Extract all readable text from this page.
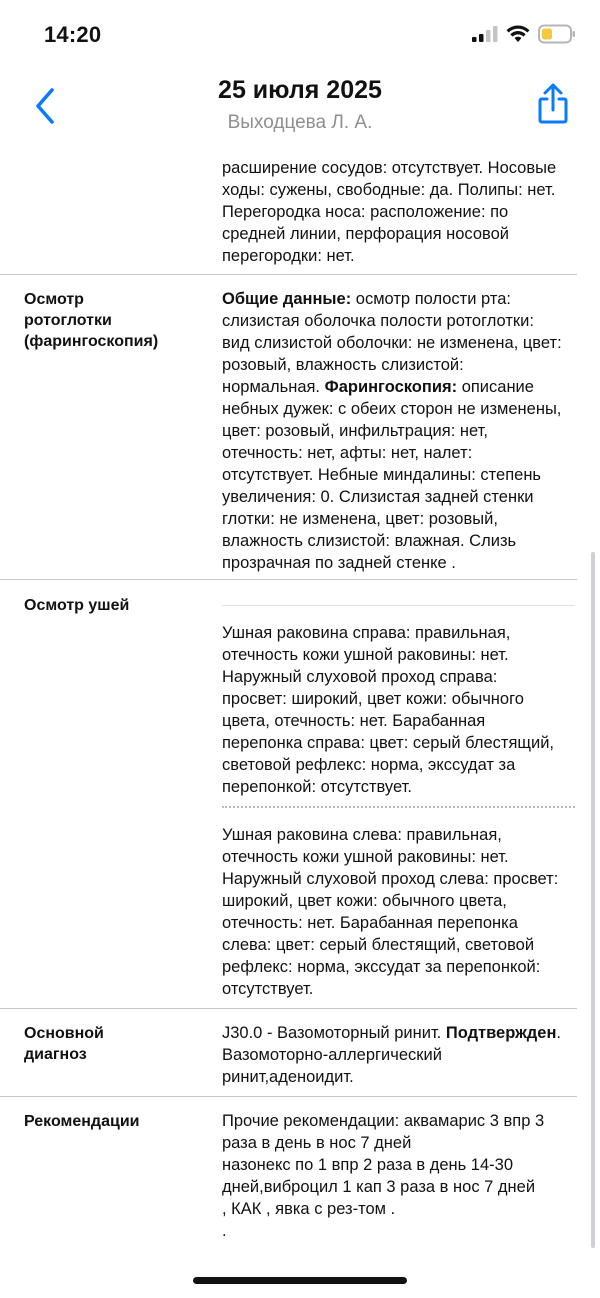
14:20
25 июля 2025
Выходцева Л. А.
расширение сосудов: отсутствует. Носовые
ходы: сужены, свободные: да. Полипы: нет.
Перегородка носа: расположение: по
средней линии, перфорация носовой
перегородки: нет.
Осмотр
ротоглотки
(фарингоскопия)
Общие данные: осмотр полости рта:
слизистая оболочка полости ротоглотки:
вид слизистой оболочки: не изменена, цвет:
розовый, влажность слизистой:
нормальная. Фарингоскопия: описание
небных дужек: с обеих сторон не изменены,
цвет: розовый, инфильтрация: нет,
отечность: нет, афты: нет, налет:
отсутствует. Небные миндалины: степень
увеличения: 0. Слизистая задней стенки
глотки: не изменена, цвет: розовый,
влажность слизистой: влажная. Слизь
прозрачная по задней стенке .
Осмотр ушей
Ушная раковина справа: правильная,
отечность кожи ушной раковины: нет.
Наружный слуховой проход справа:
просвет: широкий, цвет кожи: обычного
цвета, отечность: нет. Барабанная
перепонка справа: цвет: серый блестящий,
световой рефлекс: норма, экссудат за
перепонкой: отсутствует.
Ушная раковина слева: правильная,
отечность кожи ушной раковины: нет.
Наружный слуховой проход слева: просвет:
широкий, цвет кожи: обычного цвета,
отечность: нет. Барабанная перепонка
слева: цвет: серый блестящий, световой
рефлекс: норма, экссудат за перепонкой:
отсутствует.
Основной
диагноз
J30.0 - Вазомоторный ринит. Подтвержден.
Вазомоторно-аллергический
ринит,аденоидит.
Рекомендации	Прочие рекомендации: аквамарис 3 впр 3
раза в день в нос 7 дней
назонекс по 1 впр 2 раза в день 14-30
дней,виброцил 1 кап 3 раза в нос 7 дней
, КАК , явка с рез-том .
.
